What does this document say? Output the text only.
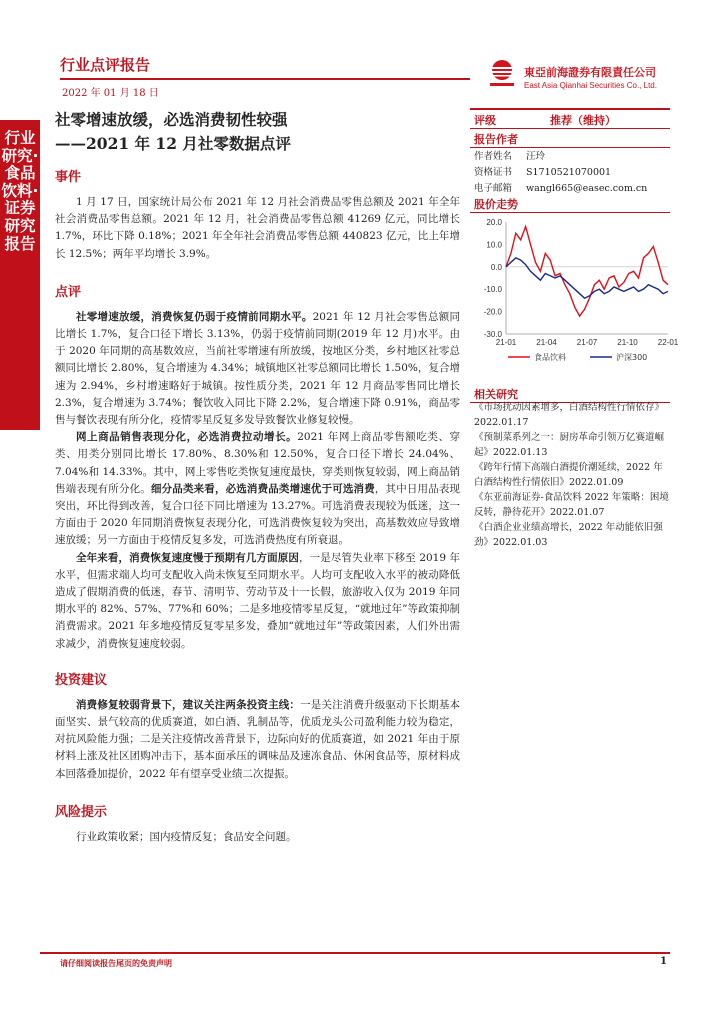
行业点评报告
2022 年 01 月 18 日
東亞前海證券有限責任公司
East Asia Qianhai Securities Co., Ltd.
行业研究·食品饮料·证券研究报告
社零增速放缓，必选消费韧性较强
——2021 年 12 月社零数据点评
事件

1 月 17 日，国家统计局公布 2021 年 12 月社会消费品零售总额及 2021 年全年社会消费品零售总额。2021 年 12 月，社会消费品零售总额 41269 亿元，同比增长 1.7%，环比下降 0.18%；2021 年全年社会消费品零售总额 440823 亿元，比上年增长 12.5%；两年平均增长 3.9%。

点评

社零增速放缓，消费恢复仍弱于疫情前同期水平。2021 年 12 月社会零售总额同比增长 1.7%，复合口径下增长 3.13%，仍弱于疫情前同期(2019 年 12 月)水平。由于 2020 年同期的高基数效应，当前社零增速有所放缓，按地区分类，乡村地区社零总额同比增长 2.80%，复合增速为 4.34%；城镇地区社零总额同比增长 1.50%，复合增速为 2.94%，乡村增速略好于城镇。按性质分类，2021 年 12 月商品零售同比增长 2.3%，复合增速为 3.74%；餐饮收入同比下降 2.2%，复合增速下降 0.91%，商品零售与餐饮表现有所分化，疫情零星反复多发导致餐饮业修复较慢。

网上商品销售表现分化，必选消费拉动增长。2021 年网上商品零售额吃类、穿类、用类分别同比增长 17.80%、8.30%和 12.50%，复合口径下增长 24.04%、7.04%和 14.33%。其中，网上零售吃类恢复速度最快，穿类则恢复较弱，网上商品销售端表现有所分化。细分品类来看，必选消费品类增速优于可选消费，其中日用品表现突出，环比得到改善，复合口径下同比增速为 13.27%。可选消费表现较为低迷，这一方面由于 2020 年同期消费恢复表现分化，可选消费恢复较为突出，高基数效应导致增速放缓；另一方面由于疫情反复多发，可选消费热度有所衰退。

全年来看，消费恢复速度慢于预期有几方面原因，一是尽管失业率下移至 2019 年水平，但需求端人均可支配收入尚未恢复至同期水平。人均可支配收入水平的被动降低造成了假期消费的低迷，春节、清明节、劳动节及十一长假，旅游收入仅为 2019 年同期水平的 82%、57%、77%和 60%；二是多地疫情零星反复，“就地过年”等政策抑制消费需求。2021 年多地疫情反复零星多发，叠加“就地过年”等政策因素，人们外出需求减少，消费恢复速度较弱。

投资建议

消费修复较弱背景下，建议关注两条投资主线：一是关注消费升级驱动下长期基本面坚实、景气较高的优质赛道，如白酒、乳制品等，优质龙头公司盈利能力较为稳定，对抗风险能力强；二是关注疫情改善背景下，边际向好的优质赛道，如 2021 年由于原材料上涨及社区团购冲击下，基本面承压的调味品及速冻食品、休闲食品等，原材料成本回落叠加提价，2022 年有望享受业绩二次提振。

风险提示

行业政策收紧；国内疫情反复；食品安全问题。

评级	推荐（维持）
报告作者
作者姓名	汪玲
资格证书	S1710521070001
电子邮箱	wangl665@easec.com.cn
股价走势
20.0
10.0
0.0
-10.0
-20.0
-30.0
21-01	21-04	21-07	21-10	22-01
食品饮料	沪深300
相关研究
《市场扰动因素增多，白酒结构性行情依存》2022.01.17
《预制菜系列之一：厨房革命引领万亿赛道崛起》2022.01.13
《跨年行情下高端白酒提价潮延续，2022 年白酒结构性行情依旧》2022.01.09
《东亚前海证券-食品饮料 2022 年策略：困境反转，静待花开》2022.01.07
《白酒企业业绩高增长，2022 年动能依旧强劲》2022.01.03
请仔细阅读报告尾页的免责声明	1
